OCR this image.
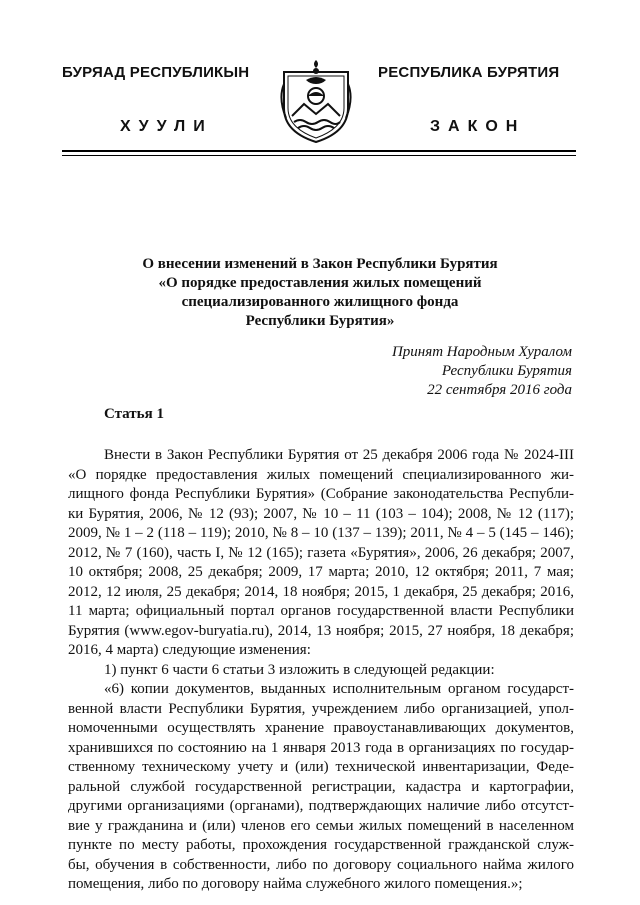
БУРЯАД РЕСПУБЛИКЫН	РЕСПУБЛИКА БУРЯТИЯ
ХУУЛИ	ЗАКОН
О внесении изменений в Закон Республики Бурятия
«О порядке предоставления жилых помещений
специализированного жилищного фонда
Республики Бурятия»
Принят Народным Хуралом
Республики Бурятия
22 сентября 2016 года
Статья 1
Внести в Закон Республики Бурятия от 25 декабря 2006 года № 2024-III
«О порядке предоставления жилых помещений специализированного жи-
лищного фонда Республики Бурятия» (Собрание законодательства Республи-
ки Бурятия, 2006, № 12 (93); 2007, № 10 – 11 (103 – 104); 2008, № 12 (117);
2009, № 1 – 2 (118 – 119); 2010, № 8 – 10 (137 – 139); 2011, № 4 – 5 (145 – 146);
2012, № 7 (160), часть I, № 12 (165); газета «Бурятия», 2006, 26 декабря; 2007,
10 октября; 2008, 25 декабря; 2009, 17 марта; 2010, 12 октября; 2011, 7 мая;
2012, 12 июля, 25 декабря; 2014, 18 ноября; 2015, 1 декабря, 25 декабря; 2016,
11 марта; официальный портал органов государственной власти Республики
Бурятия (www.egov-buryatia.ru), 2014, 13 ноября; 2015, 27 ноября, 18 декабря;
2016, 4 марта) следующие изменения:
1) пункт 6 части 6 статьи 3 изложить в следующей редакции:
«6) копии документов, выданных исполнительным органом государст-
венной власти Республики Бурятия, учреждением либо организацией, упол-
номоченными осуществлять хранение правоустанавливающих документов,
хранившихся по состоянию на 1 января 2013 года в организациях по государ-
ственному техническому учету и (или) технической инвентаризации, Феде-
ральной службой государственной регистрации, кадастра и картографии,
другими организациями (органами), подтверждающих наличие либо отсутст-
вие у гражданина и (или) членов его семьи жилых помещений в населенном
пункте по месту работы, прохождения государственной гражданской служ-
бы, обучения в собственности, либо по договору социального найма жилого
помещения, либо по договору найма служебного жилого помещения.»;
